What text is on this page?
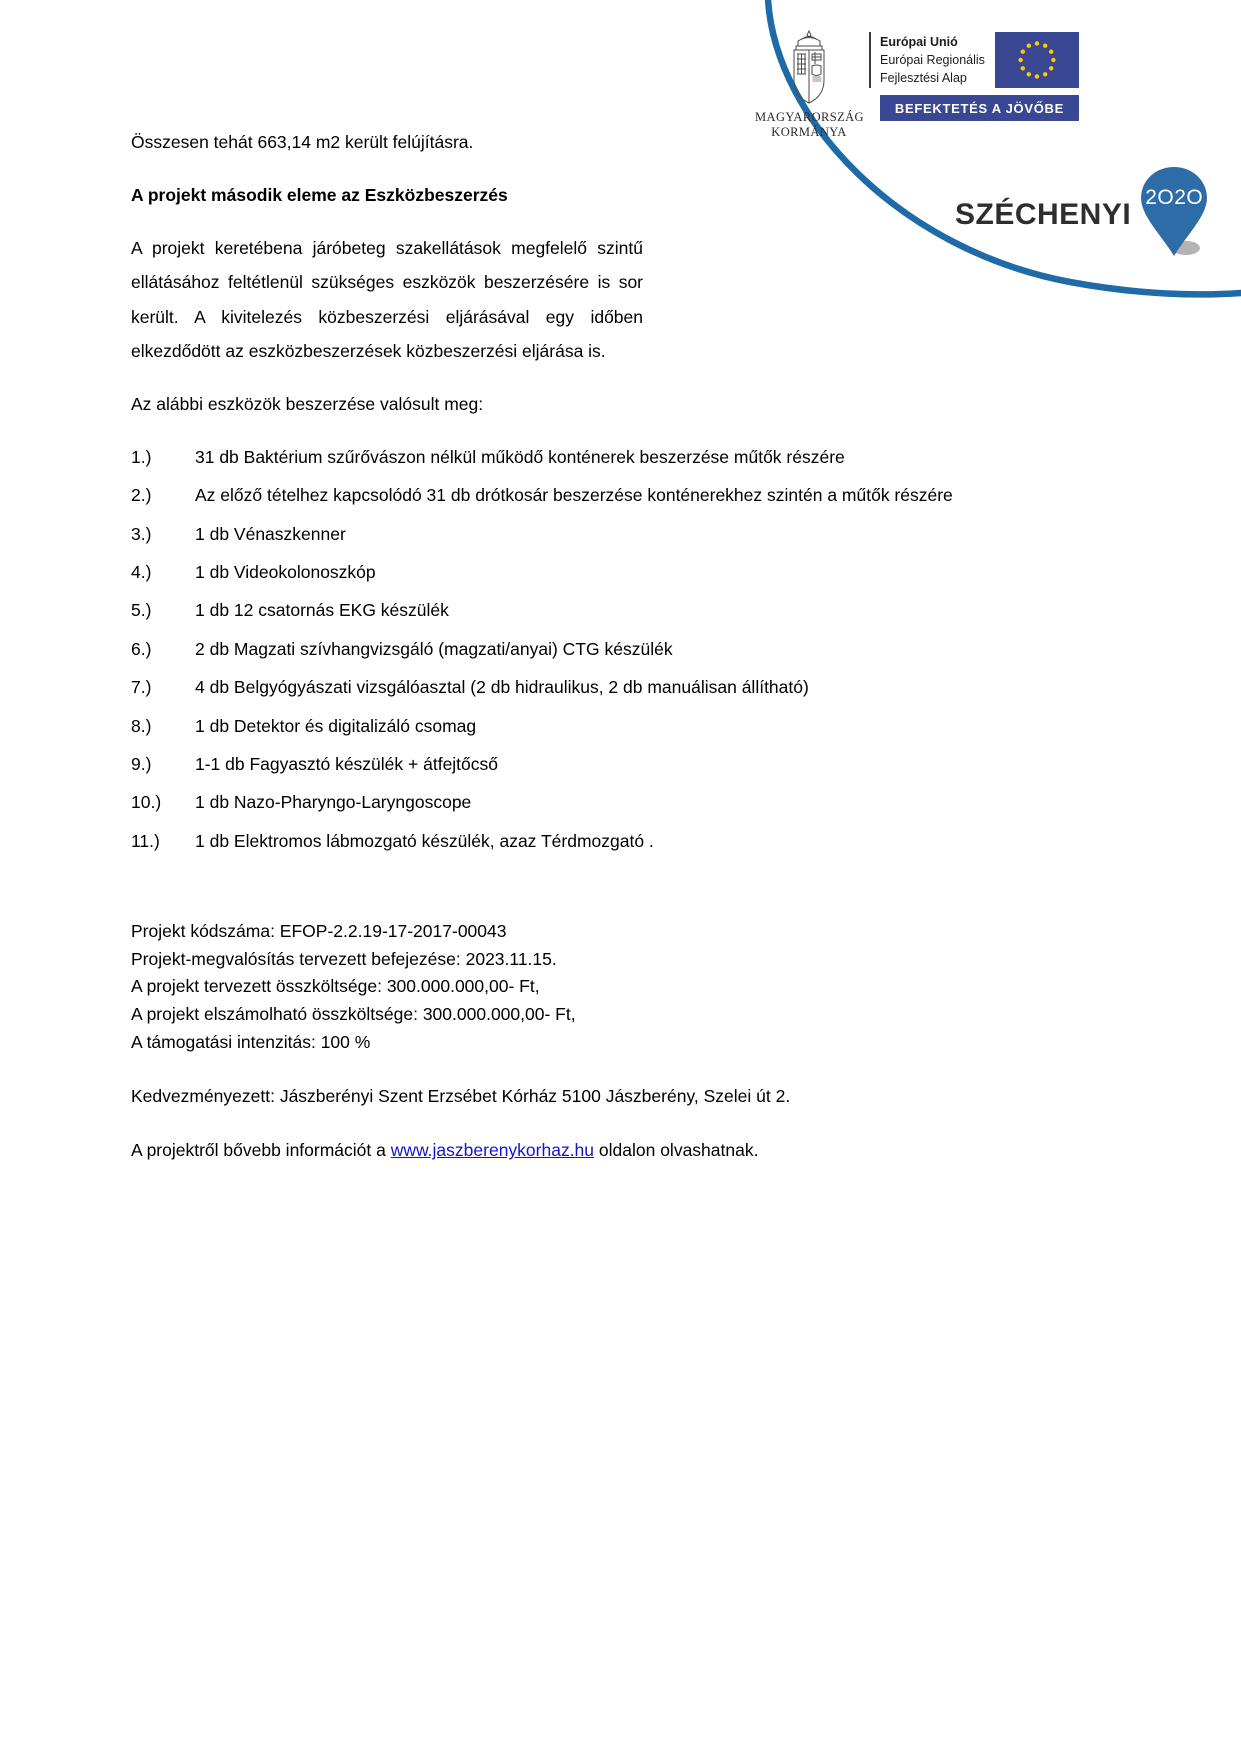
MAGYARORSZÁG
KORMÁNYA
Európai Unió
Európai Regionális
Fejlesztési Alap
BEFEKTETÉS A JÖVŐBE
SZÉCHENYI
2O2O

Összesen tehát 663,14 m2 került felújításra.

A projekt második eleme az Eszközbeszerzés

A projekt keretébena járóbeteg szakellátások megfelelő szintű ellátásához feltétlenül szükséges eszközök beszerzésére is sor került. A kivitelezés közbeszerzési eljárásával egy időben elkezdődött az eszközbeszerzések közbeszerzési eljárása is.

Az alábbi eszközök beszerzése valósult meg:

1.)	31 db Baktérium szűrővászon nélkül működő konténerek beszerzése műtők részére
2.)	Az előző tételhez kapcsolódó 31 db drótkosár beszerzése konténerekhez szintén a műtők részére
3.)	1 db Vénaszkenner
4.)	1 db Videokolonoszkóp
5.)	1 db 12 csatornás EKG készülék
6.)	2 db Magzati szívhangvizsgáló (magzati/anyai) CTG készülék
7.)	4 db Belgyógyászati vizsgálóasztal (2 db hidraulikus, 2 db manuálisan állítható)
8.)	1 db Detektor és digitalizáló csomag
9.)	1-1 db Fagyasztó készülék + átfejtőcső
10.)	1 db Nazo-Pharyngo-Laryngoscope
11.)	1 db Elektromos lábmozgató készülék, azaz Térdmozgató .
Projekt kódszáma: EFOP-2.2.19-17-2017-00043
Projekt-megvalósítás tervezett befejezése: 2023.11.15.
A projekt tervezett összköltsége: 300.000.000,00- Ft,
A projekt elszámolható összköltsége: 300.000.000,00- Ft,
A támogatási intenzitás: 100 %
Kedvezményezett: Jászberényi Szent Erzsébet Kórház 5100 Jászberény, Szelei út 2.
A projektről bővebb információt a www.jaszberenykorhaz.hu oldalon olvashatnak.
